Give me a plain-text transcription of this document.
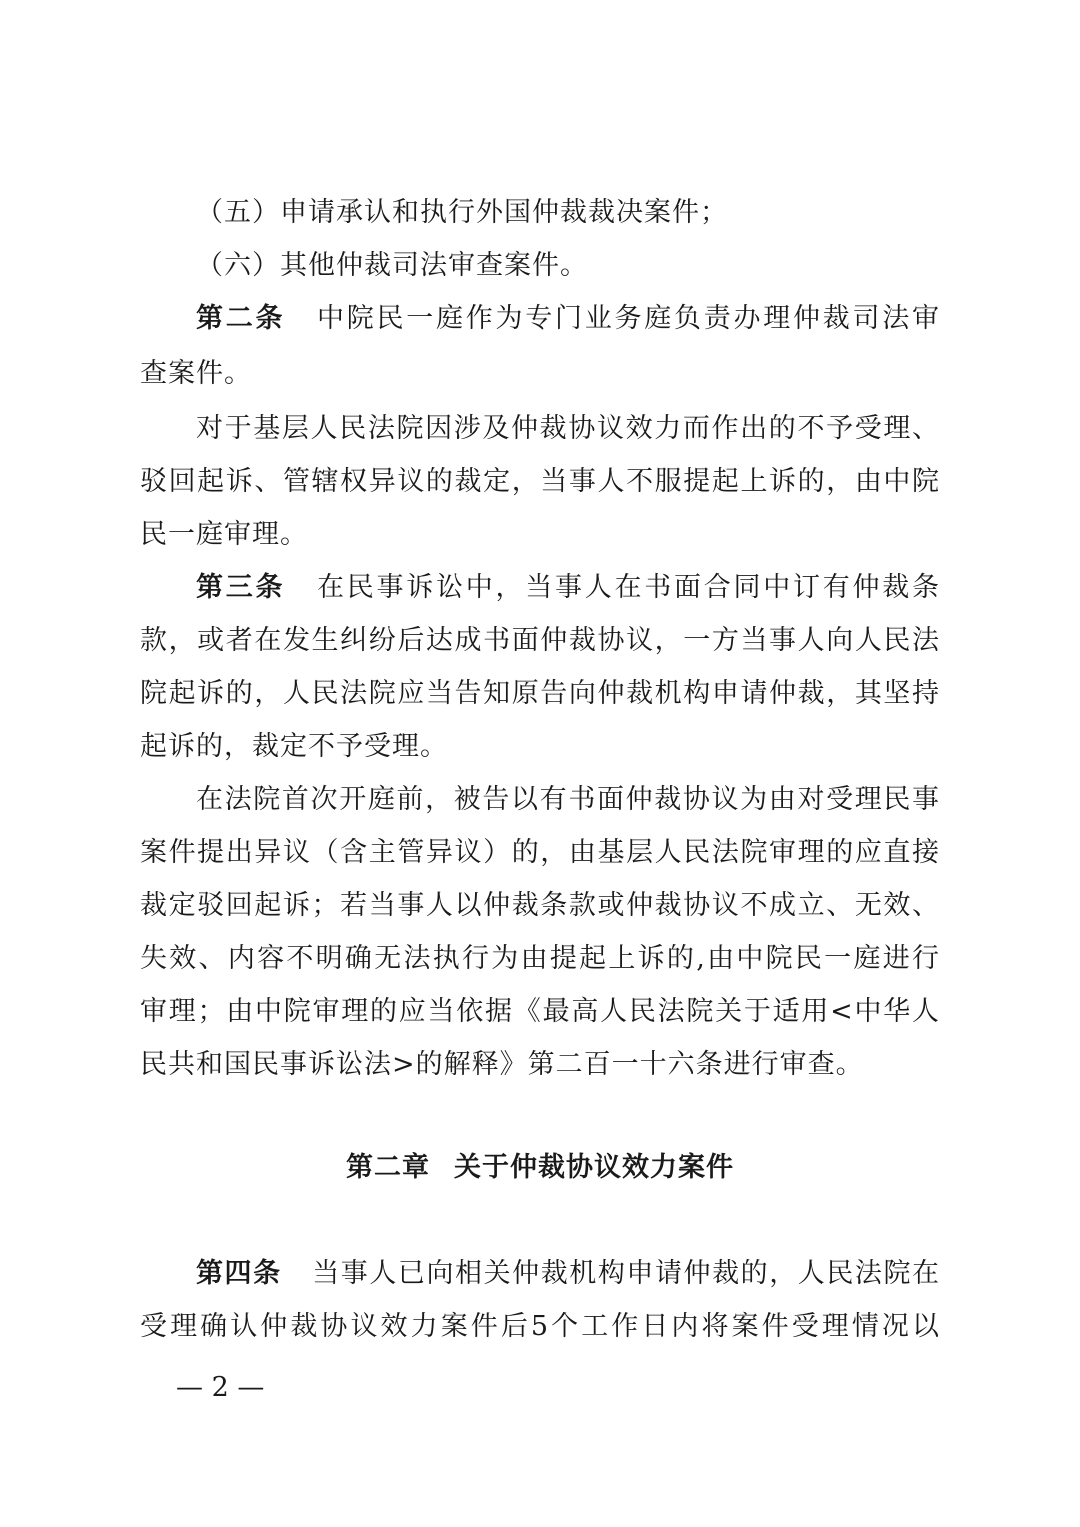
（五）申请承认和执行外国仲裁裁决案件；
（六）其他仲裁司法审查案件。
第二条 中院民一庭作为专门业务庭负责办理仲裁司法审
查案件。
对于基层人民法院因涉及仲裁协议效力而作出的不予受理、
驳回起诉、管辖权异议的裁定，当事人不服提起上诉的，由中院
民一庭审理。
第三条 在民事诉讼中，当事人在书面合同中订有仲裁条
款，或者在发生纠纷后达成书面仲裁协议，一方当事人向人民法
院起诉的，人民法院应当告知原告向仲裁机构申请仲裁，其坚持
起诉的，裁定不予受理。
在法院首次开庭前，被告以有书面仲裁协议为由对受理民事
案件提出异议（含主管异议）的，由基层人民法院审理的应直接
裁定驳回起诉；若当事人以仲裁条款或仲裁协议不成立、无效、
失效、内容不明确无法执行为由提起上诉的,由中院民一庭进行
审理；由中院审理的应当依据《最高人民法院关于适用<中华人
民共和国民事诉讼法>的解释》第二百一十六条进行审查。
第二章 关于仲裁协议效力案件
第四条 当事人已向相关仲裁机构申请仲裁的，人民法院在
受理确认仲裁协议效力案件后5个工作日内将案件受理情况以
— 2 —
